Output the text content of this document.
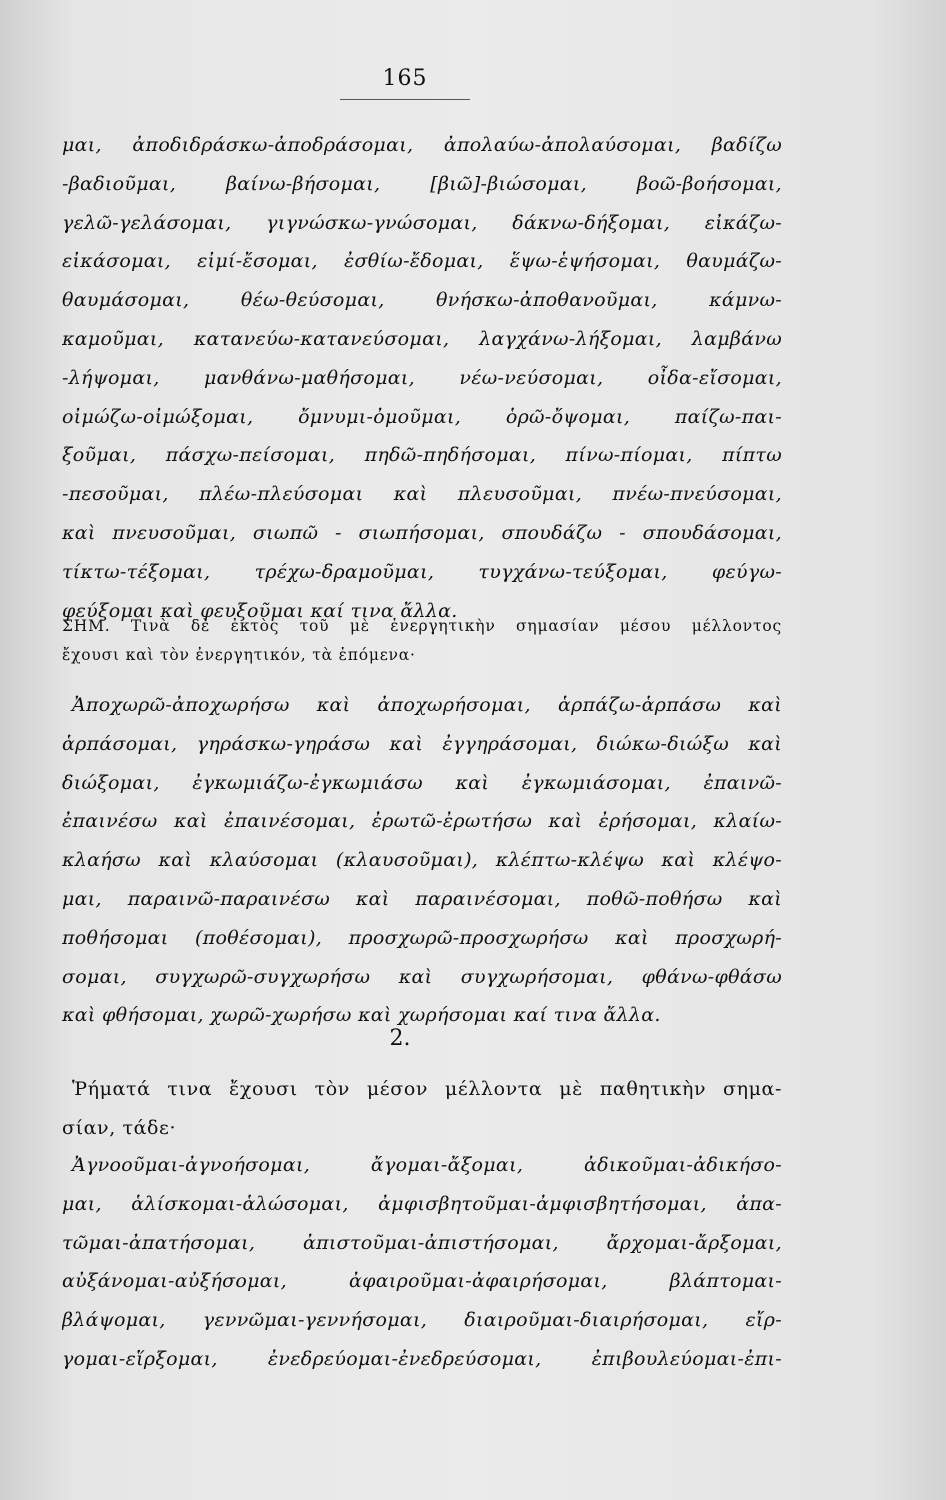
165
μαι, ἀποδιδράσκω-ἀποδράσομαι, ἀπολαύω-ἀπολαύσομαι, βαδίζω
-βαδιοῦμαι, βαίνω-βήσομαι, [βιῶ]-βιώσομαι, βοῶ-βοήσομαι,
γελῶ-γελάσομαι, γιγνώσκω-γνώσομαι, δάκνω-δήξομαι, εἰκάζω-
εἰκάσομαι, εἰμί-ἔσομαι, ἐσθίω-ἔδομαι, ἕψω-ἑψήσομαι, θαυμάζω-
θαυμάσομαι, θέω-θεύσομαι, θνήσκω-ἀποθανοῦμαι, κάμνω-
καμοῦμαι, κατανεύω-κατανεύσομαι, λαγχάνω-λήξομαι, λαμβάνω
-λήψομαι, μανθάνω-μαθήσομαι, νέω-νεύσομαι, οἶδα-εἴσομαι,
οἰμώζω-οἰμώξομαι, ὄμνυμι-ὀμοῦμαι, ὁρῶ-ὄψομαι, παίζω-παι-
ξοῦμαι, πάσχω-πείσομαι, πηδῶ-πηδήσομαι, πίνω-πίομαι, πίπτω
-πεσοῦμαι, πλέω-πλεύσομαι καὶ πλευσοῦμαι, πνέω-πνεύσομαι,
καὶ πνευσοῦμαι, σιωπῶ - σιωπήσομαι, σπουδάζω - σπουδάσομαι,
τίκτω-τέξομαι, τρέχω-δραμοῦμαι, τυγχάνω-τεύξομαι, φεύγω-
φεύξομαι καὶ φευξοῦμαι καί τινα ἄλλα.
ΣΗΜ. Τινὰ δὲ ἐκτὸς τοῦ μὲ ἐνεργητικὴν σημασίαν μέσου μέλλοντος
ἔχουσι καὶ τὸν ἐνεργητικόν, τὰ ἑπόμενα·
Ἀποχωρῶ-ἀποχωρήσω καὶ ἀποχωρήσομαι, ἁρπάζω-ἁρπάσω καὶ
ἁρπάσομαι, γηράσκω-γηράσω καὶ ἐγγηράσομαι, διώκω-διώξω καὶ
διώξομαι, ἐγκωμιάζω-ἐγκωμιάσω καὶ ἐγκωμιάσομαι, ἐπαινῶ-
ἐπαινέσω καὶ ἐπαινέσομαι, ἐρωτῶ-ἐρωτήσω καὶ ἐρήσομαι, κλαίω-
κλαήσω καὶ κλαύσομαι (κλαυσοῦμαι), κλέπτω-κλέψω καὶ κλέψο-
μαι, παραινῶ-παραινέσω καὶ παραινέσομαι, ποθῶ-ποθήσω καὶ
ποθήσομαι (ποθέσομαι), προσχωρῶ-προσχωρήσω καὶ προσχωρή-
σομαι, συγχωρῶ-συγχωρήσω καὶ συγχωρήσομαι, φθάνω-φθάσω
καὶ φθήσομαι, χωρῶ-χωρήσω καὶ χωρήσομαι καί τινα ἄλλα.
2.
Ῥήματά τινα ἔχουσι τὸν μέσον μέλλοντα μὲ παθητικὴν σημα-
σίαν, τάδε·
Ἀγνοοῦμαι-ἀγνοήσομαι, ἄγομαι-ἄξομαι, ἀδικοῦμαι-ἀδικήσο-
μαι, ἁλίσκομαι-ἁλώσομαι, ἀμφισβητοῦμαι-ἀμφισβητήσομαι, ἀπα-
τῶμαι-ἀπατήσομαι, ἀπιστοῦμαι-ἀπιστήσομαι, ἄρχομαι-ἄρξομαι,
αὐξάνομαι-αὐξήσομαι, ἀφαιροῦμαι-ἀφαιρήσομαι, βλάπτομαι-
βλάψομαι, γεννῶμαι-γεννήσομαι, διαιροῦμαι-διαιρήσομαι, εἴρ-
γομαι-εἵρξομαι, ἐνεδρεύομαι-ἐνεδρεύσομαι, ἐπιβουλεύομαι-ἐπι-
